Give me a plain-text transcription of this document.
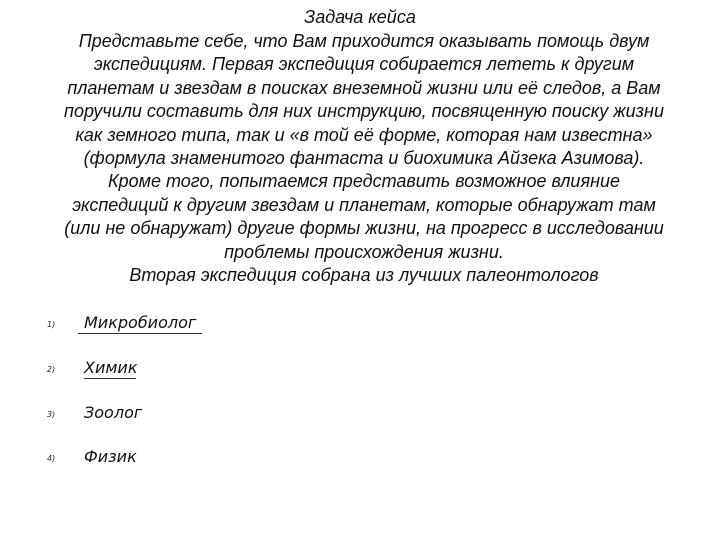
Задача кейса

Представьте себе, что Вам приходится оказывать помощь двум экспедициям. Первая экспедиция собирается лететь к другим планетам и звездам в поисках внеземной жизни или её следов, а Вам поручили составить для них инструкцию, посвященную поиску жизни как земного типа, так и «в той её форме, которая нам известна» (формула знаменитого фантаста и биохимика Айзека Азимова). Кроме того, попытаемся представить возможное влияние экспедиций к другим звездам и планетам, которые обнаружат там (или не обнаружат) другие формы жизни, на прогресс в исследовании проблемы происхождения жизни.

Вторая экспедиция собрана из лучших палеонтологов

1) Микробиолог
2) Химик
3) Зоолог
4) Физик
